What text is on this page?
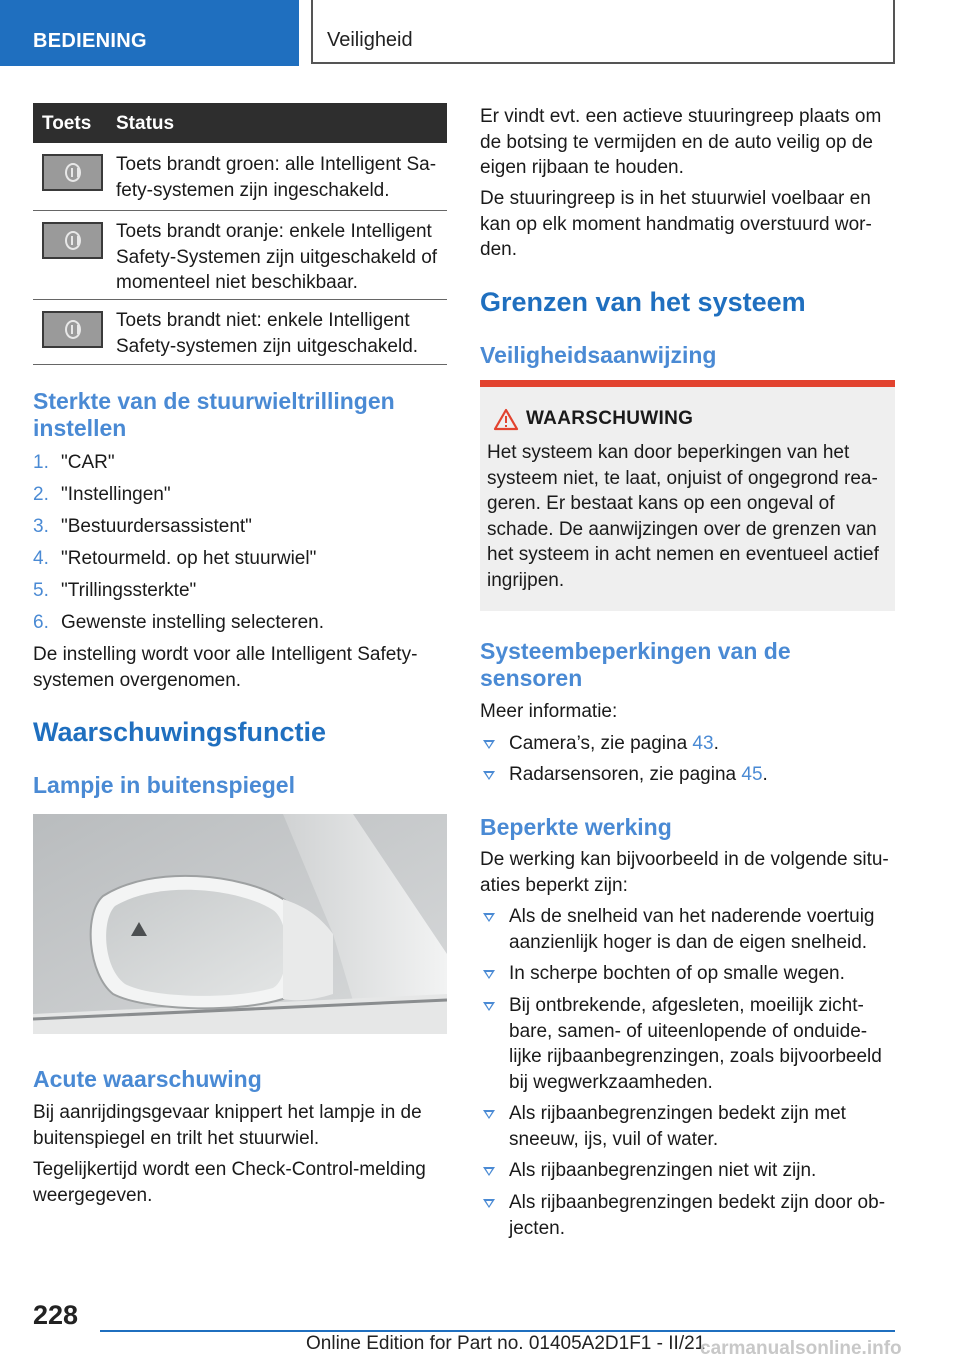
BEDIENING	Veiligheid
Toets Status
Toets brandt groen: alle Intelligent Sa-
fety-systemen zijn ingeschakeld.
Toets brandt oranje: enkele Intelligent
Safety-Systemen zijn uitgeschakeld of
momenteel niet beschikbaar.
Toets brandt niet: enkele Intelligent
Safety-systemen zijn uitgeschakeld.
Sterkte van de stuurwieltrillingen
instellen
1. "CAR"
2. "Instellingen"
3. "Bestuurdersassistent"
4. "Retourmeld. op het stuurwiel"
5. "Trillingssterkte"
6. Gewenste instelling selecteren.

De instelling wordt voor alle Intelligent Safety-
systemen overgenomen.

Waarschuwingsfunctie
Lampje in buitenspiegel
Acute waarschuwing

Bij aanrijdingsgevaar knippert het lampje in de
buitenspiegel en trilt het stuurwiel.

Tegelijkertijd wordt een Check-Control-melding
weergegeven.

Er vindt evt. een actieve stuuringreep plaats om
de botsing te vermijden en de auto veilig op de
eigen rijbaan te houden.

De stuuringreep is in het stuurwiel voelbaar en
kan op elk moment handmatig overstuurd wor-
den.

Grenzen van het systeem
Veiligheidsaanwijzing
WAARSCHUWING

Het systeem kan door beperkingen van het
systeem niet, te laat, onjuist of ongegrond rea-
geren. Er bestaat kans op een ongeval of
schade. De aanwijzingen over de grenzen van
het systeem in acht nemen en eventueel actief
ingrijpen.

Systeembeperkingen van de
sensoren

Meer informatie:

Camera’s, zie pagina 43.

Radarsensoren, zie pagina 45.

Beperkte werking

De werking kan bijvoorbeeld in de volgende situ-
aties beperkt zijn:

Als de snelheid van het naderende voertuig
aanzienlijk hoger is dan de eigen snelheid.

In scherpe bochten of op smalle wegen.

Bij ontbrekende, afgesleten, moeilijk zicht-
bare, samen- of uiteenlopende of onduide-
lijke rijbaanbegrenzingen, zoals bijvoorbeeld
bij wegwerkzaamheden.

Als rijbaanbegrenzingen bedekt zijn met
sneeuw, ijs, vuil of water.

Als rijbaanbegrenzingen niet wit zijn.

Als rijbaanbegrenzingen bedekt zijn door ob-
jecten.

228
Online Edition for Part no. 01405A2D1F1 - II/21
carmanualsonline.info
